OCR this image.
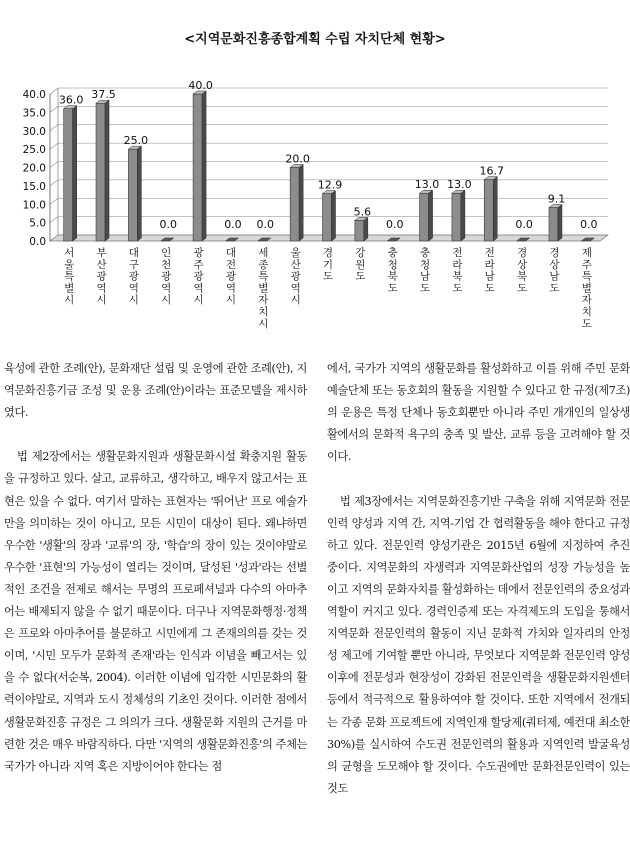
<지역문화진흥종합계획 수립 자치단체 현황>
0.0
5.0
10.0
15.0
20.0
25.0
30.0
35.0
40.0 36.0 37.5
25.0
0.0
40.0
0.0 0.0
20.0
12.9
5.6
0.0
13.0 13.0
16.7
0.0
9.1
0.0
서 울 특 별 시
부 산 광 역 시
대 구 광 역 시
인 천 광 역 시
광 주 광 역 시
대 전 광 역 시
세 종 특 별 자 치 시
울 산 광 역 시
경 기 도
강 원 도
충 청 북 도
충 청 남 도
전 라 북 도
전 라 남 도
경 상 북 도
경 상 남 도
제 주 특 별 자 치 도

육성에 관한 조례(안), 문화재단 설립 및 운영에 관한 조례(안), 지역문화진흥기금 조성 및 운용 조례(안)이라는 표준모델을 제시하였다.

법 제2장에서는 생활문화지원과 생활문화시설 확충지원 활동을 규정하고 있다. 살고, 교류하고, 생각하고, 배우지 않고서는 표현은 있을 수 없다. 여기서 말하는 표현자는 '뛰어난' 프로 예술가만을 의미하는 것이 아니고, 모든 시민이 대상이 된다. 왜냐하면 우수한 '생활'의 장과 '교류'의 장, '학습'의 장이 있는 것이야말로 우수한 '표현'의 가능성이 열리는 것이며, 달성된 '성과'라는 선별적인 조건을 전제로 해서는 무명의 프로페셔널과 다수의 아마추어는 배제되지 않을 수 없기 때문이다. 더구나 지역문화행정·정책은 프로와 아마추어를 불문하고 시민에게 그 존재의의를 갖는 것이며, '시민 모두가 문화적 존재'라는 인식과 이념을 빼고서는 있을 수 없다(서순복, 2004). 이러한 이념에 입각한 시민문화의 활력이야말로, 지역과 도시 정체성의 기초인 것이다. 이러한 점에서 생활문화진흥 규정은 그 의의가 크다. 생활문화 지원의 근거를 마련한 것은 매우 바람직하다. 다만 '지역의 생활문화진흥'의 주체는 국가가 아니라 지역 혹은 지방이어야 한다는 점

에서, 국가가 지역의 생활문화를 활성화하고 이를 위해 주민 문화예술단체 또는 동호회의 활동을 지원할 수 있다고 한 규정(제7조)의 운용은 특정 단체나 동호회뿐만 아니라 주민 개개인의 일상생활에서의 문화적 욕구의 충족 및 발산, 교류 등을 고려해야 할 것이다.

법 제3장에서는 지역문화진흥기반 구축을 위해 지역문화 전문인력 양성과 지역 간, 지역-기업 간 협력활동을 해야 한다고 규정하고 있다. 전문인력 양성기관은 2015년 6월에 지정하여 추진 중이다. 지역문화의 자생력과 지역문화산업의 성장 가능성을 높이고 지역의 문화자치를 활성화하는 데에서 전문인력의 중요성과 역할이 커지고 있다. 경력인증제 또는 자격제도의 도입을 통해서 지역문화 전문인력의 활동이 지닌 문화적 가치와 일자리의 안정성 제고에 기여할 뿐만 아니라, 무엇보다 지역문화 전문인력 양성 이후에 전문성과 현장성이 강화된 전문인력을 생활문화지원센터 등에서 적극적으로 활용하여야 할 것이다. 또한 지역에서 전개되는 각종 문화 프로젝트에 지역인재 할당제(쿼터제, 예컨대 최소한 30%)를 실시하여 수도권 전문인력의 활용과 지역인력 발굴육성의 균형을 도모해야 할 것이다. 수도권에만 문화전문인력이 있는 것도
